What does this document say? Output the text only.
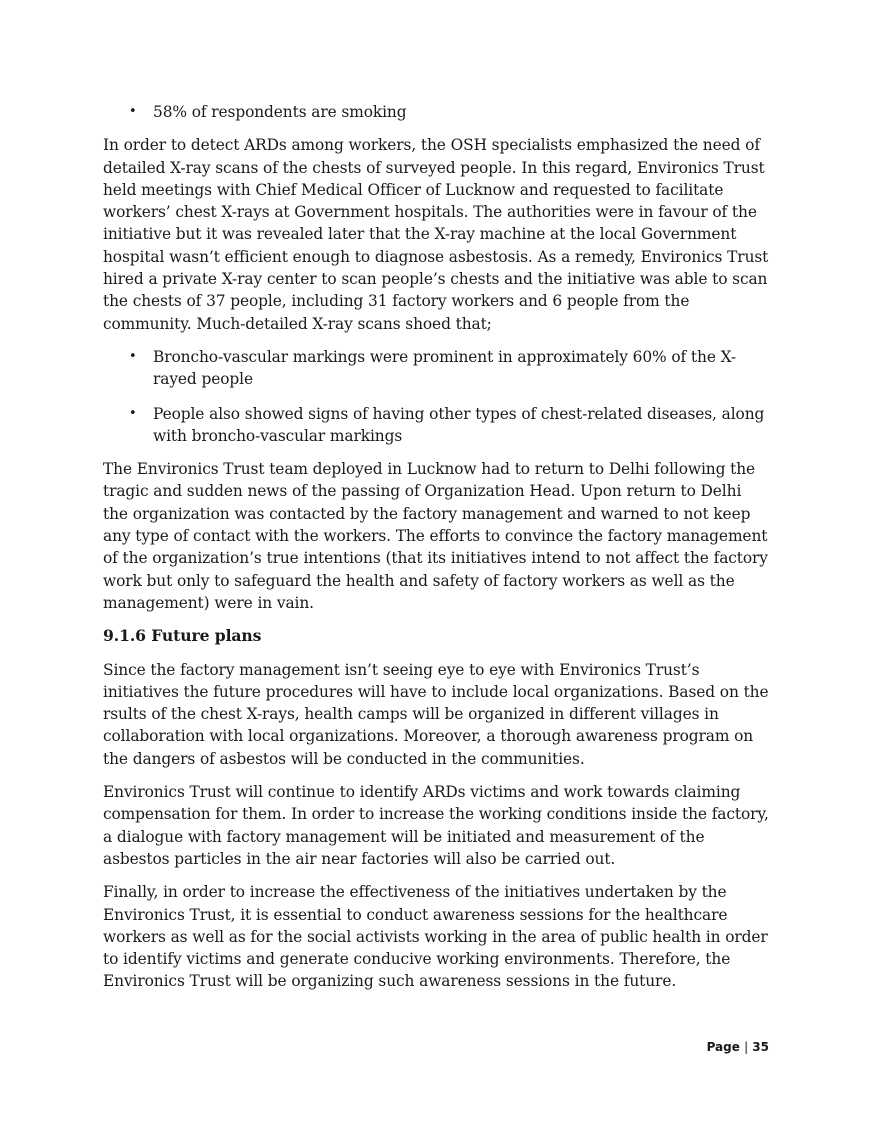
• 58% of respondents are smoking

In order to detect ARDs among workers, the OSH specialists emphasized the need of detailed X-ray scans of the chests of surveyed people. In this regard, Environics Trust held meetings with Chief Medical Officer of Lucknow and requested to facilitate workers’ chest X-rays at Government hospitals. The authorities were in favour of the initiative but it was revealed later that the X-ray machine at the local Government hospital wasn’t efficient enough to diagnose asbestosis. As a remedy, Environics Trust hired a private X-ray center to scan people’s chests and the initiative was able to scan the chests of 37 people, including 31 factory workers and 6 people from the community. Much-detailed X-ray scans shoed that;

• Broncho-vascular markings were prominent in approximately 60% of the X-rayed people
• People also showed signs of having other types of chest-related diseases, along with broncho-vascular markings

The Environics Trust team deployed in Lucknow had to return to Delhi following the tragic and sudden news of the passing of Organization Head. Upon return to Delhi the organization was contacted by the factory management and warned to not keep any type of contact with the workers. The efforts to convince the factory management of the organization’s true intentions (that its initiatives intend to not affect the factory work but only to safeguard the health and safety of factory workers as well as the management) were in vain.

9.1.6 Future plans

Since the factory management isn’t seeing eye to eye with Environics Trust’s initiatives the future procedures will have to include local organizations. Based on the rsults of the chest X-rays, health camps will be organized in different villages in collaboration with local organizations. Moreover, a thorough awareness program on the dangers of asbestos will be conducted in the communities.

Environics Trust will continue to identify ARDs victims and work towards claiming compensation for them. In order to increase the working conditions inside the factory, a dialogue with factory management will be initiated and measurement of the asbestos particles in the air near factories will also be carried out.

Finally, in order to increase the effectiveness of the initiatives undertaken by the Environics Trust, it is essential to conduct awareness sessions for the healthcare workers as well as for the social activists working in the area of public health in order to identify victims and generate conducive working environments. Therefore, the Environics Trust will be organizing such awareness sessions in the future.

Page | 35
